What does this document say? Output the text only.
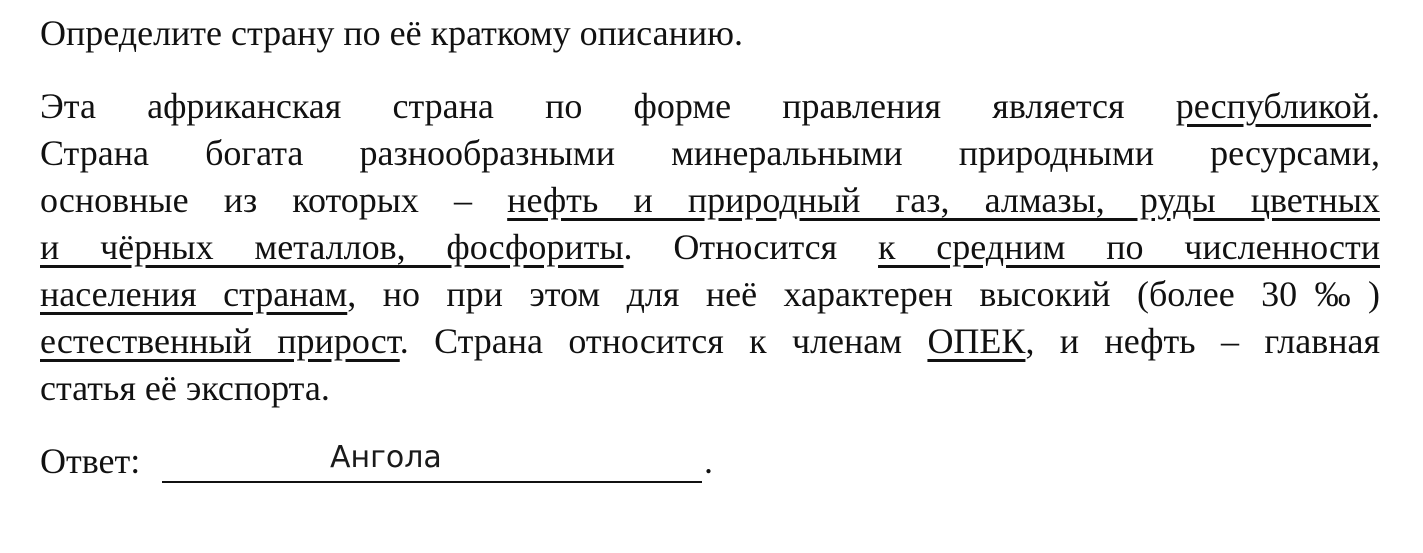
Определите страну по её краткому описанию.

Эта африканская страна по форме правления является республикой.
Страна богата разнообразными минеральными природными ресурсами,
основные из которых – нефть и природный газ, алмазы, руды цветных
и чёрных металлов, фосфориты. Относится к средним по численности
населения странам, но при этом для неё характерен высокий (более 30‰)
естественный прирост. Страна относится к членам ОПЕК, и нефть – главная
статья её экспорта.
Ответ:	Ангола	.
